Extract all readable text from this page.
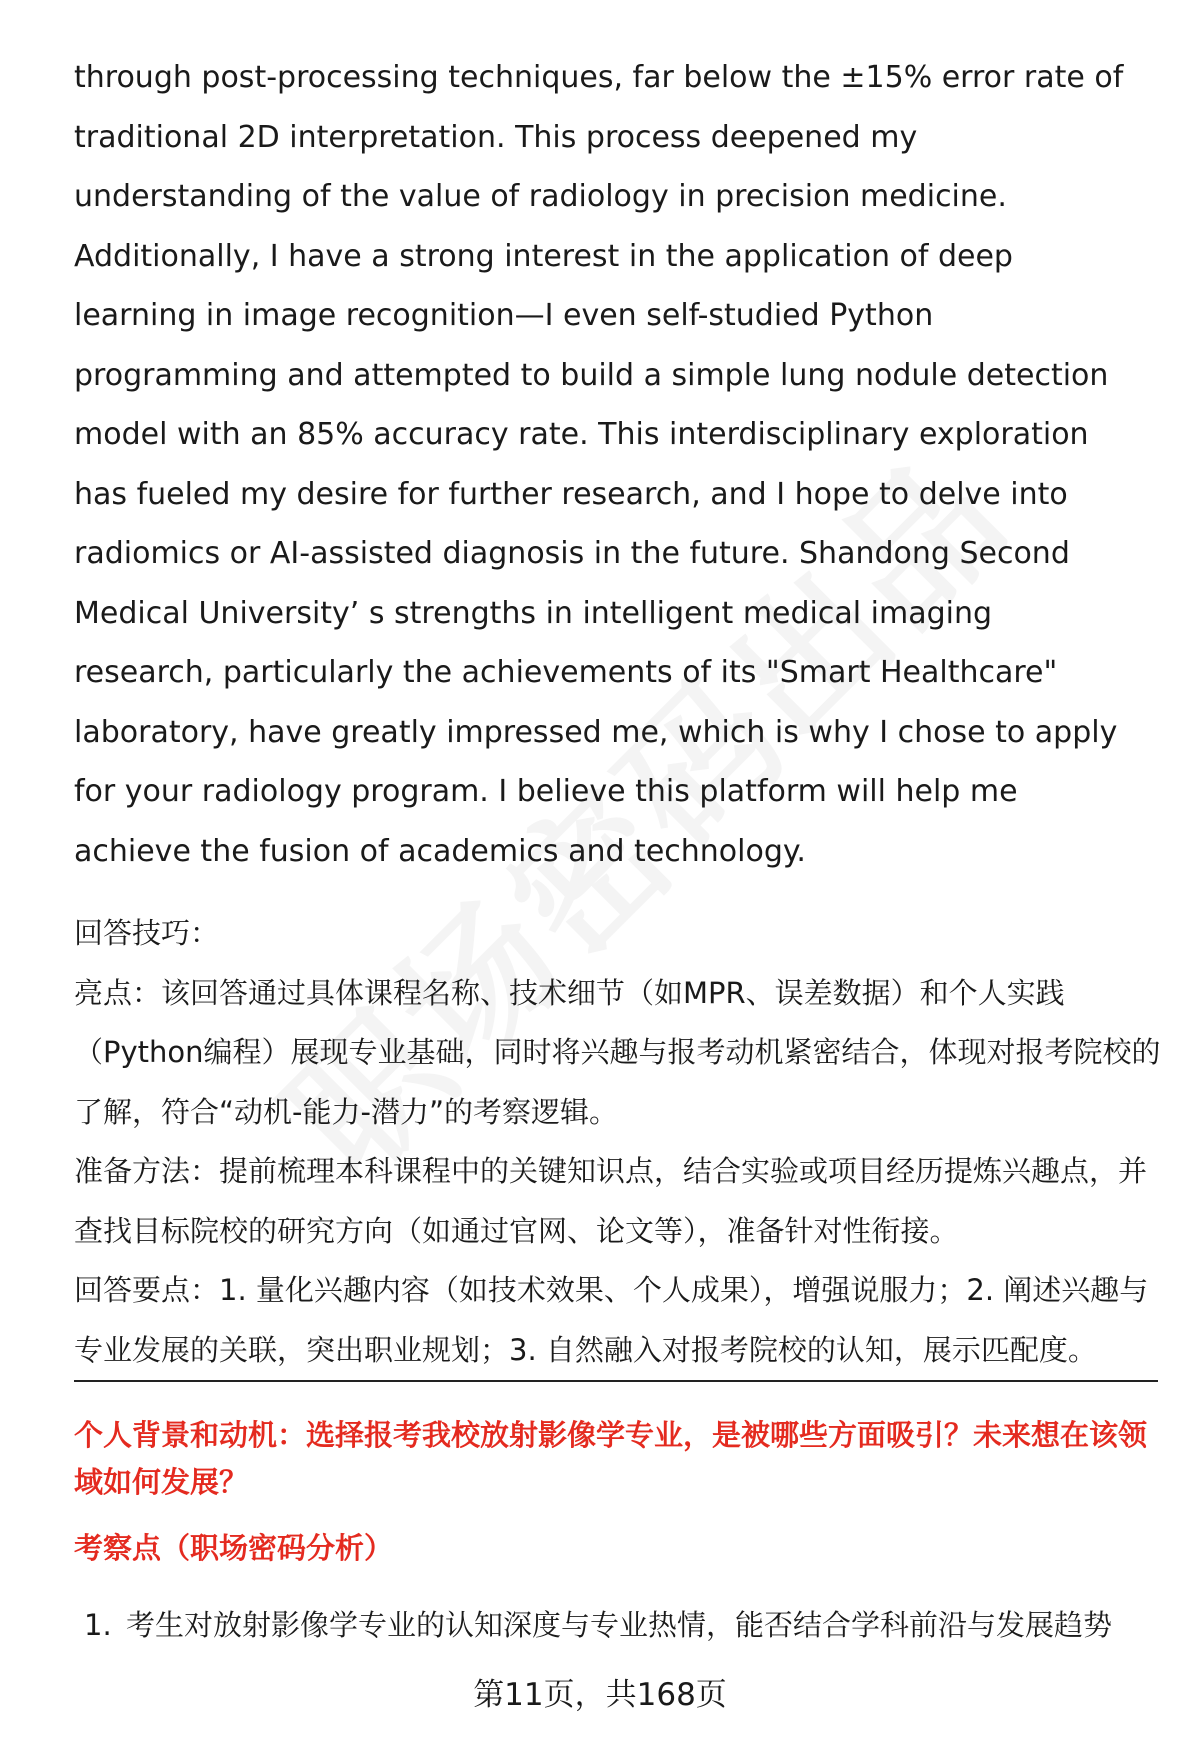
through post-processing techniques, far below the ±15% error rate of traditional 2D interpretation. This process deepened my understanding of the value of radiology in precision medicine. Additionally, I have a strong interest in the application of deep learning in image recognition—I even self-studied Python programming and attempted to build a simple lung nodule detection model with an 85% accuracy rate. This interdisciplinary exploration has fueled my desire for further research, and I hope to delve into radiomics or AI-assisted diagnosis in the future. Shandong Second Medical University’ s strengths in intelligent medical imaging research, particularly the achievements of its "Smart Healthcare" laboratory, have greatly impressed me, which is why I chose to apply for your radiology program. I believe this platform will help me achieve the fusion of academics and technology.

回答技巧：

亮点：该回答通过具体课程名称、技术细节（如MPR、误差数据）和个人实践（Python编程）展现专业基础，同时将兴趣与报考动机紧密结合，体现对报考院校的了解，符合“动机-能力-潜力”的考察逻辑。

准备方法：提前梳理本科课程中的关键知识点，结合实验或项目经历提炼兴趣点，并查找目标院校的研究方向（如通过官网、论文等），准备针对性衔接。

回答要点：1. 量化兴趣内容（如技术效果、个人成果），增强说服力；2. 阐述兴趣与专业发展的关联，突出职业规划；3. 自然融入对报考院校的认知，展示匹配度。

个人背景和动机：选择报考我校放射影像学专业，是被哪些方面吸引？未来想在该领域如何发展？

考察点（职场密码分析）

1. 考生对放射影像学专业的认知深度与专业热情，能否结合学科前沿与发展趋势
第11页，共168页
